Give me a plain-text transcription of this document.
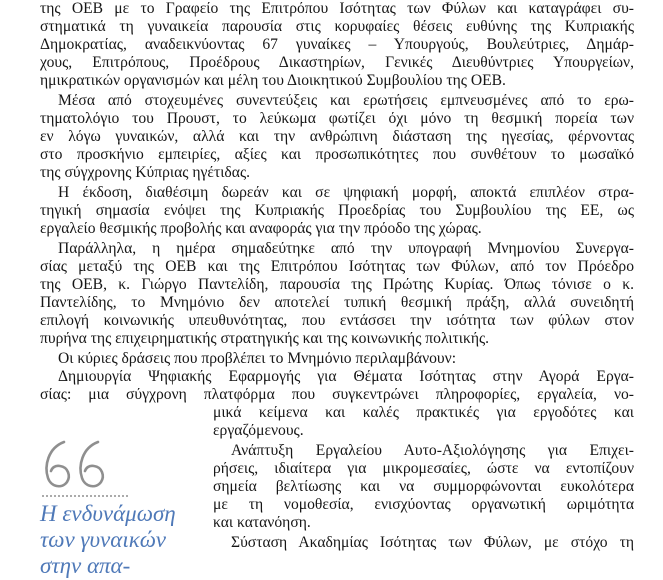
της ΟΕΒ με το Γραφείο της Επιτρόπου Ισότητας των Φύλων και καταγράφει συ-
στηματικά τη γυναικεία παρουσία στις κορυφαίες θέσεις ευθύνης της Κυπριακής
Δημοκρατίας, αναδεικνύοντας 67 γυναίκες – Υπουργούς, Βουλεύτριες, Δημάρ-
χους, Επιτρόπους, Προέδρους Δικαστηρίων, Γενικές Διευθύντριες Υπουργείων,
ημικρατικών οργανισμών και μέλη του Διοικητικού Συμβουλίου της ΟΕΒ.
Μέσα από στοχευμένες συνεντεύξεις και ερωτήσεις εμπνευσμένες από το ερω-
τηματολόγιο του Προυστ, το λεύκωμα φωτίζει όχι μόνο τη θεσμική πορεία των
εν λόγω γυναικών, αλλά και την ανθρώπινη διάσταση της ηγεσίας, φέρνοντας
στο προσκήνιο εμπειρίες, αξίες και προσωπικότητες που συνθέτουν το μωσαϊκό
της σύγχρονης Κύπριας ηγέτιδας.
Η έκδοση, διαθέσιμη δωρεάν και σε ψηφιακή μορφή, αποκτά επιπλέον στρα-
τηγική σημασία ενόψει της Κυπριακής Προεδρίας του Συμβουλίου της ΕΕ, ως
εργαλείο θεσμικής προβολής και αναφοράς για την πρόοδο της χώρας.
Παράλληλα, η ημέρα σημαδεύτηκε από την υπογραφή Μνημονίου Συνεργα-
σίας μεταξύ της ΟΕΒ και της Επιτρόπου Ισότητας των Φύλων, από τον Πρόεδρο
της ΟΕΒ, κ. Γιώργο Παντελίδη, παρουσία της Πρώτης Κυρίας. Όπως τόνισε ο κ.
Παντελίδης, το Μνημόνιο δεν αποτελεί τυπική θεσμική πράξη, αλλά συνειδητή
επιλογή κοινωνικής υπευθυνότητας, που εντάσσει την ισότητα των φύλων στον
πυρήνα της επιχειρηματικής στρατηγικής και της κοινωνικής πολιτικής.
Οι κύριες δράσεις που προβλέπει το Μνημόνιο περιλαμβάνουν:
Δημιουργία Ψηφιακής Εφαρμογής για Θέματα Ισότητας στην Αγορά Εργα-
σίας: μια σύγχρονη πλατφόρμα που συγκεντρώνει πληροφορίες, εργαλεία, νο-
μικά κείμενα και καλές πρακτικές για εργοδότες και
εργαζόμενους.
Ανάπτυξη Εργαλείου Αυτο-Αξιολόγησης για Επιχει-
ρήσεις, ιδιαίτερα για μικρομεσαίες, ώστε να εντοπίζουν
σημεία βελτίωσης και να συμμορφώνονται ευκολότερα
με τη νομοθεσία, ενισχύοντας οργανωτική ωριμότητα
και κατανόηση.
Σύσταση Ακαδημίας Ισότητας των Φύλων, με στόχο τη
Η ενδυνάμωση
των γυναικών
στην απα-
